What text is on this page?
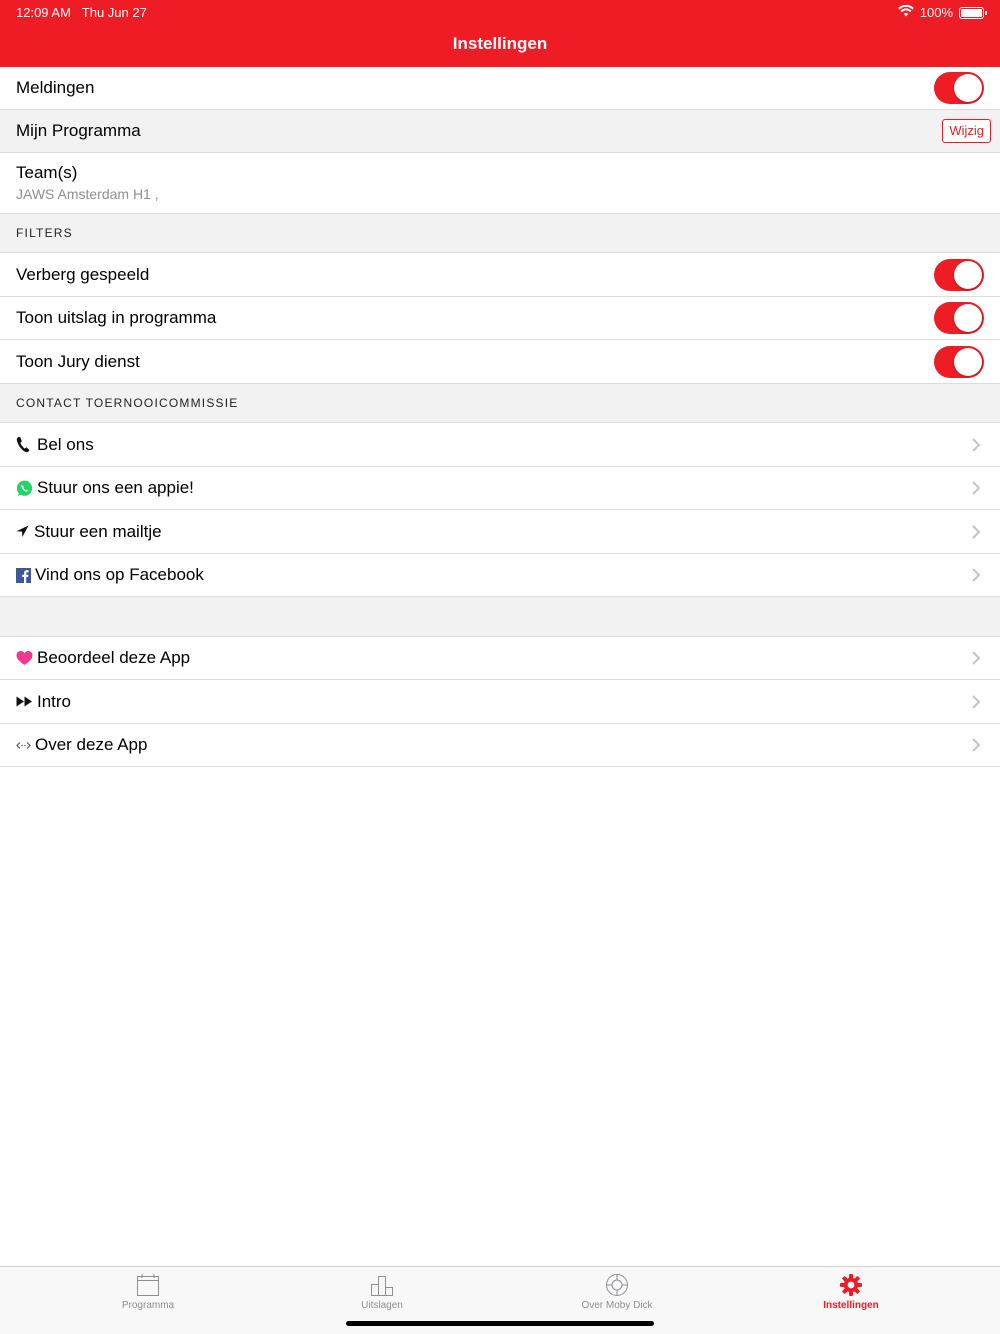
12:09 AM Thu Jun 27	100%
Instellingen
Meldingen
Mijn Programma	Wijzig
Team(s)
JAWS Amsterdam H1 ,
FILTERS
Verberg gespeeld
Toon uitslag in programma
Toon Jury dienst
CONTACT TOERNOOICOMMISSIE
Bel ons
Stuur ons een appie!
Stuur een mailtje
Vind ons op Facebook
Beoordeel deze App
Intro
Over deze App
Programma	Uitslagen	Over Moby Dick	Instellingen
